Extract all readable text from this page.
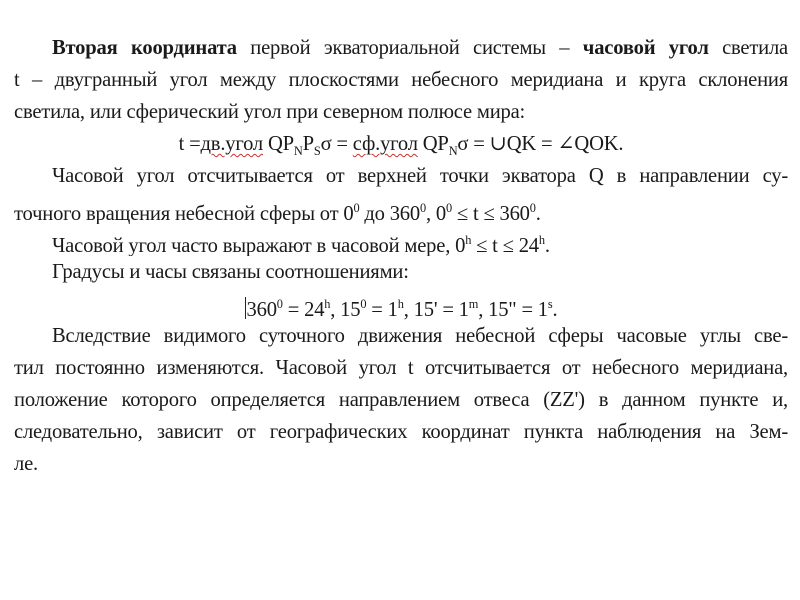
Вторая координата первой экваториальной системы – часовой угол светила
t – двугранный угол между плоскостями небесного меридиана и круга склонения
светила, или сферический угол при северном полюсе мира:
t =дв.угол $QP_NP_S\sigma$ = сф.угол $QP_N\sigma$ = ∪QK = ∠QOK.
Часовой угол отсчитывается от верхней точки экватора Q в направлении су-
точного вращения небесной сферы от $0^0$ до $360^0$, $0^0 \le t \le 360^0$.
Часовой угол часто выражают в часовой мере, $0^h \le t \le 24^h$.
Градусы и часы связаны соотношениями:
$360^0 = 24^h$, $15^0 = 1^h$, $15' = 1^m$, 15" = $1^s$.
Вследствие видимого суточного движения небесной сферы часовые углы све-
тил постоянно изменяются. Часовой угол t отсчитывается от небесного меридиана,
положение которого определяется направлением отвеса (ZZ') в данном пункте и,
следовательно, зависит от географических координат пункта наблюдения на Зем-
ле.
